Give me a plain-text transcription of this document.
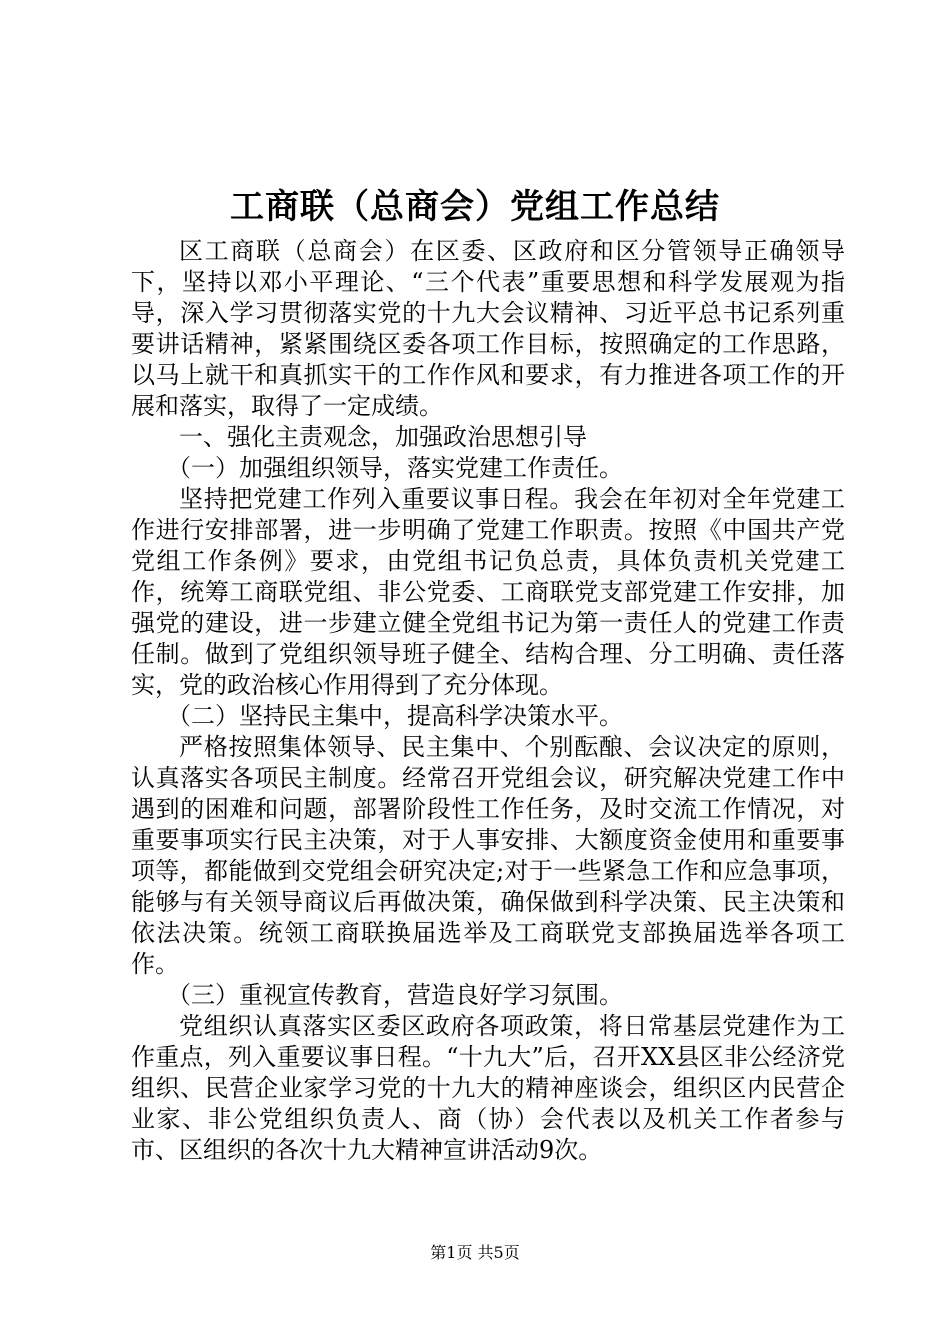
工商联（总商会）党组工作总结

区工商联（总商会）在区委、区政府和区分管领导正确领导下，坚持以邓小平理论、“三个代表”重要思想和科学发展观为指导，深入学习贯彻落实党的十九大会议精神、习近平总书记系列重要讲话精神，紧紧围绕区委各项工作目标，按照确定的工作思路，以马上就干和真抓实干的工作作风和要求，有力推进各项工作的开展和落实，取得了一定成绩。

一、强化主责观念，加强政治思想引导

（一）加强组织领导，落实党建工作责任。

坚持把党建工作列入重要议事日程。我会在年初对全年党建工作进行安排部署，进一步明确了党建工作职责。按照《中国共产党党组工作条例》要求，由党组书记负总责，具体负责机关党建工作，统筹工商联党组、非公党委、工商联党支部党建工作安排，加强党的建设，进一步建立健全党组书记为第一责任人的党建工作责任制。做到了党组织领导班子健全、结构合理、分工明确、责任落实，党的政治核心作用得到了充分体现。

（二）坚持民主集中，提高科学决策水平。

严格按照集体领导、民主集中、个别酝酿、会议决定的原则，认真落实各项民主制度。经常召开党组会议，研究解决党建工作中遇到的困难和问题，部署阶段性工作任务，及时交流工作情况，对重要事项实行民主决策，对于人事安排、大额度资金使用和重要事项等，都能做到交党组会研究决定;对于一些紧急工作和应急事项，能够与有关领导商议后再做决策，确保做到科学决策、民主决策和依法决策。统领工商联换届选举及工商联党支部换届选举各项工作。

（三）重视宣传教育，营造良好学习氛围。

党组织认真落实区委区政府各项政策，将日常基层党建作为工作重点，列入重要议事日程。“十九大”后，召开XX县区非公经济党组织、民营企业家学习党的十九大的精神座谈会，组织区内民营企业家、非公党组织负责人、商（协）会代表以及机关工作者参与市、区组织的各次十九大精神宣讲活动9次。

第1页 共5页
